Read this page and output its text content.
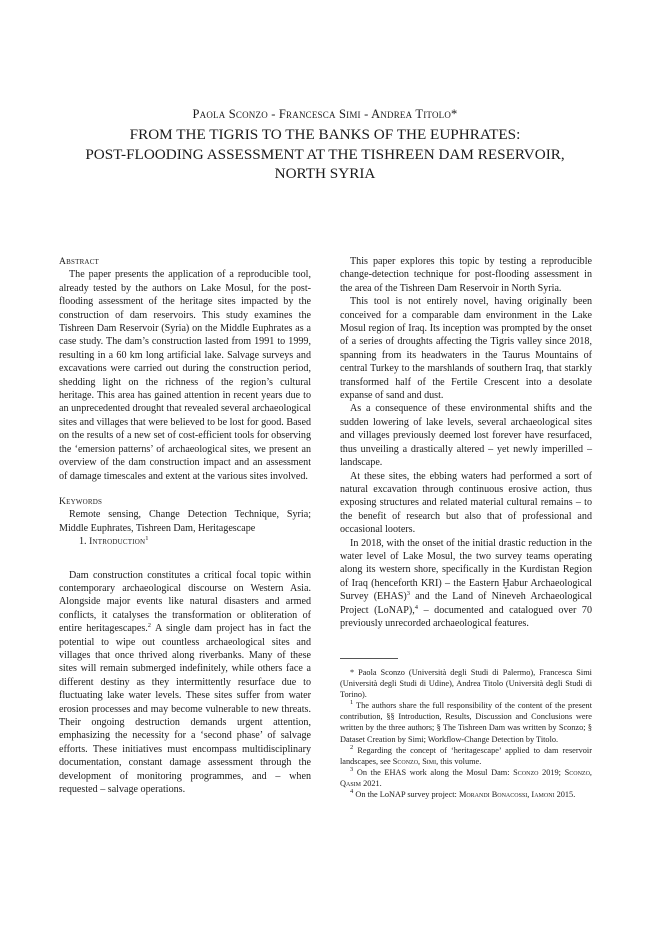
Paola Sconzo - Francesca Simi - Andrea Titolo*

FROM THE TIGRIS TO THE BANKS OF THE EUPHRATES:
POST-FLOODING ASSESSMENT AT THE TISHREEN DAM RESERVOIR,
NORTH SYRIA

Abstract

The paper presents the application of a reproducible tool, already tested by the authors on Lake Mosul, for the post-flooding assessment of the heritage sites impacted by the construction of dam reservoirs. This study examines the Tishreen Dam Reservoir (Syria) on the Middle Euphrates as a case study. The dam’s construction lasted from 1991 to 1999, resulting in a 60 km long artificial lake. Salvage surveys and excavations were carried out during the construction period, shedding light on the richness of the region’s cultural heritage. This area has gained attention in recent years due to an unprecedented drought that revealed several archaeological sites and villages that were believed to be lost for good. Based on the results of a new set of cost-efficient tools for observing the ‘emersion patterns’ of archaeological sites, we present an overview of the dam construction impact and an assessment of damage timescales and extent at the various sites involved.

Keywords

Remote sensing, Change Detection Technique, Syria; Middle Euphrates, Tishreen Dam, Heritagescape

1. Introduction$^1$

Dam construction constitutes a critical focal topic within contemporary archaeological discourse on Western Asia. Alongside major events like natural disasters and armed conflicts, it catalyses the transformation or obliteration of entire heritagescapes.$^2$ A single dam project has in fact the potential to wipe out countless archaeological sites and villages that once thrived along riverbanks. Many of these sites will remain submerged indefinitely, while others face a different destiny as they intermittently resurface due to fluctuating lake water levels. These sites suffer from water erosion processes and may become vulnerable to new threats. Their ongoing destruction demands urgent attention, emphasizing the necessity for a ‘second phase’ of salvage efforts. These initiatives must encompass multidisciplinary documentation, constant damage assessment through the development of monitoring programmes, and – when requested – salvage operations.

This paper explores this topic by testing a reproducible change-detection technique for post-flooding assessment in the area of the Tishreen Dam Reservoir in North Syria.

This tool is not entirely novel, having originally been conceived for a comparable dam environment in the Lake Mosul region of Iraq. Its inception was prompted by the onset of a series of droughts affecting the Tigris valley since 2018, spanning from its headwaters in the Taurus Mountains of central Turkey to the marshlands of southern Iraq, that starkly transformed half of the Fertile Crescent into a desolate expanse of sand and dust.

As a consequence of these environmental shifts and the sudden lowering of lake levels, several archaeological sites and villages previously deemed lost forever have resurfaced, thus unveiling a drastically altered – yet newly imperilled – landscape.

At these sites, the ebbing waters had performed a sort of natural excavation through continuous erosive action, thus exposing structures and related material cultural remains – to the benefit of research but also that of professional and occasional looters.

In 2018, with the onset of the initial drastic reduction in the water level of Lake Mosul, the two survey teams operating along its western shore, specifically in the Kurdistan Region of Iraq (henceforth KRI) – the Eastern Ḫabur Archaeological Survey (EHAS)$^3$ and the Land of Nineveh Archaeological Project (LoNAP),$^4$ – documented and catalogued over 70 previously unrecorded archaeological features.

* Paola Sconzo (Università degli Studi di Palermo), Francesca Simi (Università degli Studi di Udine), Andrea Titolo (Università degli Studi di Torino).

$^1$ The authors share the full responsibility of the content of the present contribution, §§ Introduction, Results, Discussion and Conclusions were written by the three authors; § The Tishreen Dam was written by Sconzo; § Dataset Creation by Simi; Workflow-Change Detection by Titolo.

$^2$ Regarding the concept of ‘heritagescape’ applied to dam reservoir landscapes, see Sconzo, Simi, this volume.

$^3$ On the EHAS work along the Mosul Dam: Sconzo 2019; Sconzo, Qasim 2021.

$^4$ On the LoNAP survey project: Morandi Bonacossi, Iamoni 2015.
